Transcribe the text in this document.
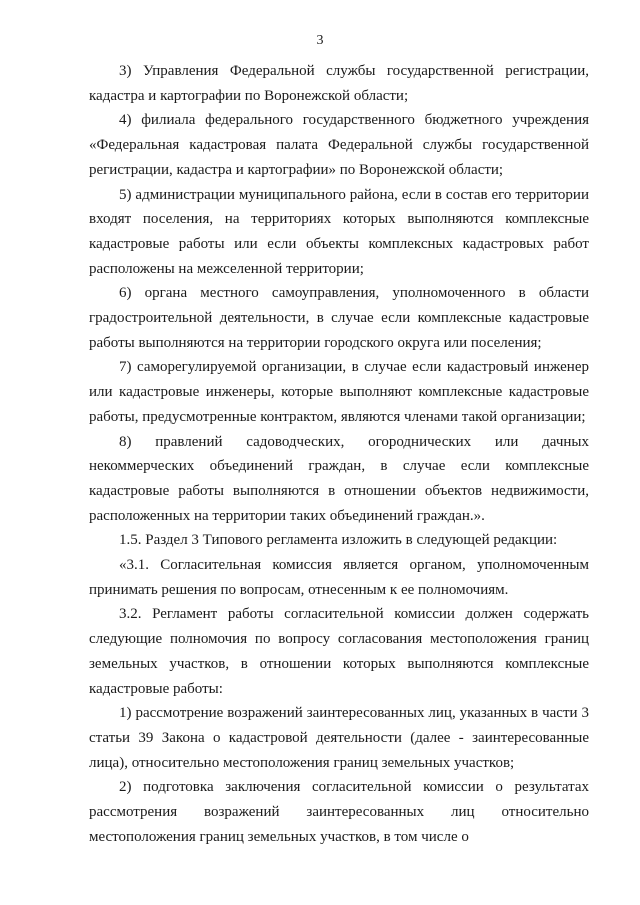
3

3) Управления Федеральной службы государственной регистрации, кадастра и картографии по Воронежской области;

4) филиала федерального государственного бюджетного учреждения «Федеральная кадастровая палата Федеральной службы государственной регистрации, кадастра и картографии» по Воронежской области;

5) администрации муниципального района, если в состав его территории входят поселения, на территориях которых выполняются комплексные кадастровые работы или если объекты комплексных кадастровых работ расположены на межселенной территории;

6) органа местного самоуправления, уполномоченного в области градостроительной деятельности, в случае если комплексные кадастровые работы выполняются на территории городского округа или поселения;

7) саморегулируемой организации, в случае если кадастровый инженер или кадастровые инженеры, которые выполняют комплексные кадастровые работы, предусмотренные контрактом, являются членами такой организации;

8) правлений садоводческих, огороднических или дачных некоммерческих объединений граждан, в случае если комплексные кадастровые работы выполняются в отношении объектов недвижимости, расположенных на территории таких объединений граждан.».

1.5. Раздел 3 Типового регламента изложить в следующей редакции:

«3.1. Согласительная комиссия является органом, уполномоченным принимать решения по вопросам, отнесенным к ее полномочиям.

3.2. Регламент работы согласительной комиссии должен содержать следующие полномочия по вопросу согласования местоположения границ земельных участков, в отношении которых выполняются комплексные кадастровые работы:

1) рассмотрение возражений заинтересованных лиц, указанных в части 3 статьи 39 Закона о кадастровой деятельности (далее - заинтересованные лица), относительно местоположения границ земельных участков;

2) подготовка заключения согласительной комиссии о результатах рассмотрения возражений заинтересованных лиц относительно местоположения границ земельных участков, в том числе о
